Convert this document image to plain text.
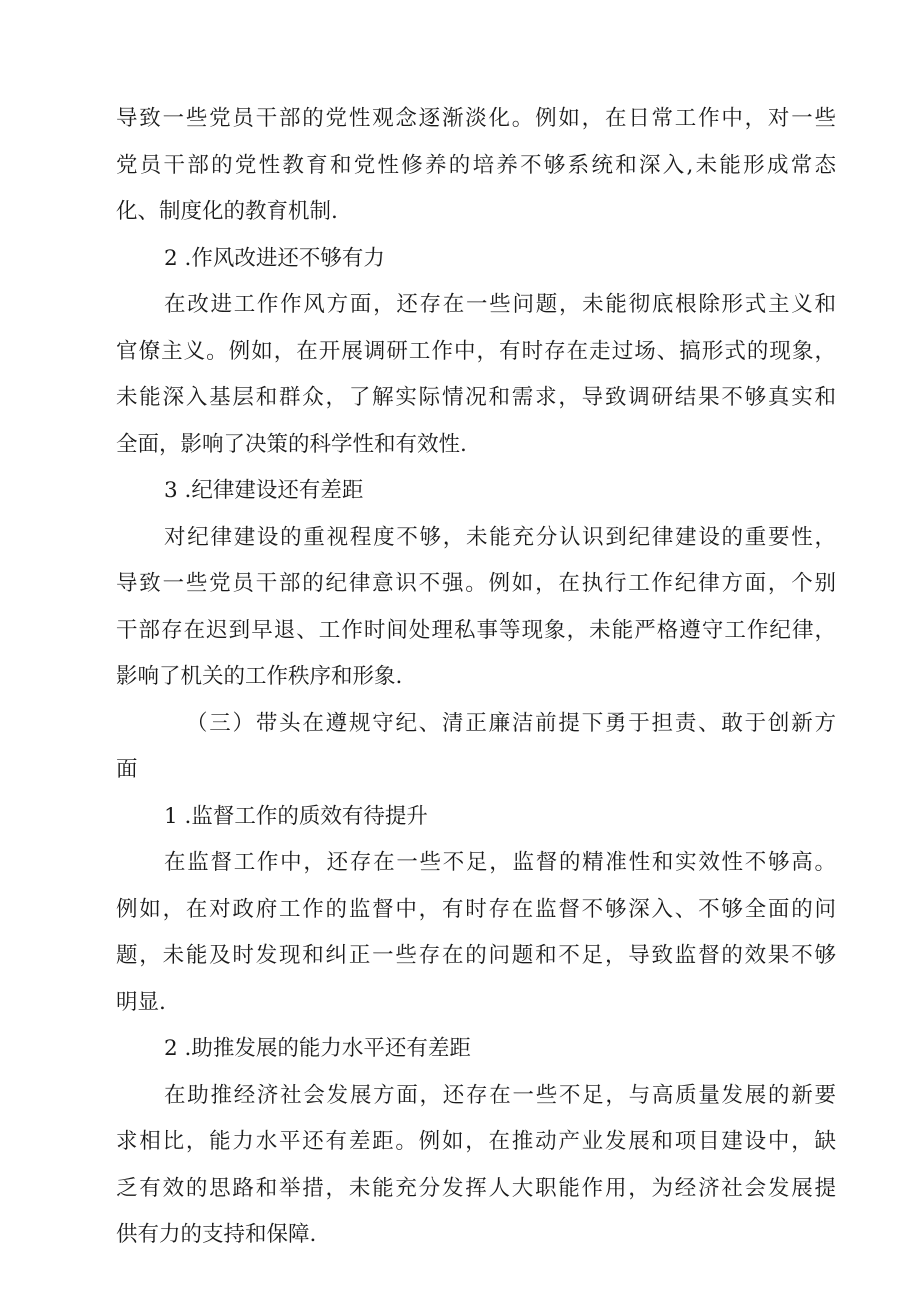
导致一些党员干部的党性观念逐渐淡化。例如，在日常工作中，对一些
党员干部的党性教育和党性修养的培养不够系统和深入,未能形成常态
化、制度化的教育机制.
2 .作风改进还不够有力
在改进工作作风方面，还存在一些问题，未能彻底根除形式主义和
官僚主义。例如，在开展调研工作中，有时存在走过场、搞形式的现象，
未能深入基层和群众，了解实际情况和需求，导致调研结果不够真实和
全面，影响了决策的科学性和有效性.
3 .纪律建设还有差距
对纪律建设的重视程度不够，未能充分认识到纪律建设的重要性，
导致一些党员干部的纪律意识不强。例如，在执行工作纪律方面，个别
干部存在迟到早退、工作时间处理私事等现象，未能严格遵守工作纪律，
影响了机关的工作秩序和形象.
（三）带头在遵规守纪、清正廉洁前提下勇于担责、敢于创新方
面
1 .监督工作的质效有待提升
在监督工作中，还存在一些不足，监督的精准性和实效性不够高。
例如，在对政府工作的监督中，有时存在监督不够深入、不够全面的问
题，未能及时发现和纠正一些存在的问题和不足，导致监督的效果不够
明显.
2 .助推发展的能力水平还有差距
在助推经济社会发展方面，还存在一些不足，与高质量发展的新要
求相比，能力水平还有差距。例如，在推动产业发展和项目建设中，缺
乏有效的思路和举措，未能充分发挥人大职能作用，为经济社会发展提
供有力的支持和保障.
